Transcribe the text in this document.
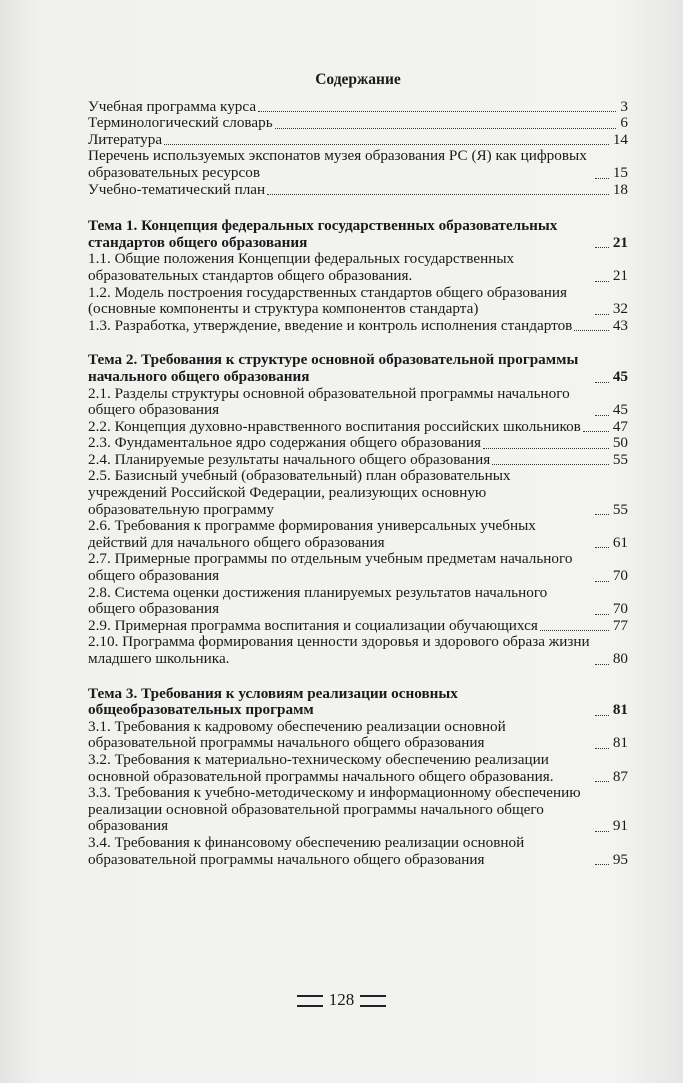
Содержание
Учебная программа курса	3
Терминологический словарь	6
Литература	14
Перечень используемых экспонатов музея образования РС (Я) как цифровых образовательных ресурсов	15
Учебно-тематический план	18
Тема 1. Концепция федеральных государственных образовательных стандартов общего образования	21
1.1. Общие положения Концепции федеральных государственных образовательных стандартов общего образования.	21
1.2. Модель построения государственных стандартов общего образования (основные компоненты и структура компонентов стандарта)	32
1.3. Разработка, утверждение, введение и контроль исполнения стандартов	43
Тема 2. Требования к структуре основной образовательной программы начального общего образования	45
2.1. Разделы структуры основной образовательной программы начального общего образования	45
2.2. Концепция духовно-нравственного воспитания российских школьников 47
2.3. Фундаментальное ядро содержания общего образования	50
2.4. Планируемые результаты начального общего образования	55
2.5. Базисный учебный (образовательный) план образовательных учреждений Российской Федерации, реализующих основную образовательную программу	55
2.6. Требования к программе формирования универсальных учебных действий для начального общего образования	61
2.7. Примерные программы по отдельным учебным предметам начального общего образования	70
2.8. Система оценки достижения планируемых результатов начального общего образования	70
2.9. Примерная программа воспитания и социализации обучающихся	77
2.10. Программа формирования ценности здоровья и здорового образа жизни младшего школьника.	80
Тема 3. Требования к условиям реализации основных общеобразовательных программ	81
3.1. Требования к кадровому обеспечению реализации основной образовательной программы начального общего образования	81
3.2. Требования к материально-техническому обеспечению реализации основной образовательной программы начального общего образования.	87
3.3. Требования к учебно-методическому и информационному обеспечению реализации основной образовательной программы начального общего образования	91
3.4. Требования к финансовому обеспечению реализации основной образовательной программы начального общего образования	95
128
